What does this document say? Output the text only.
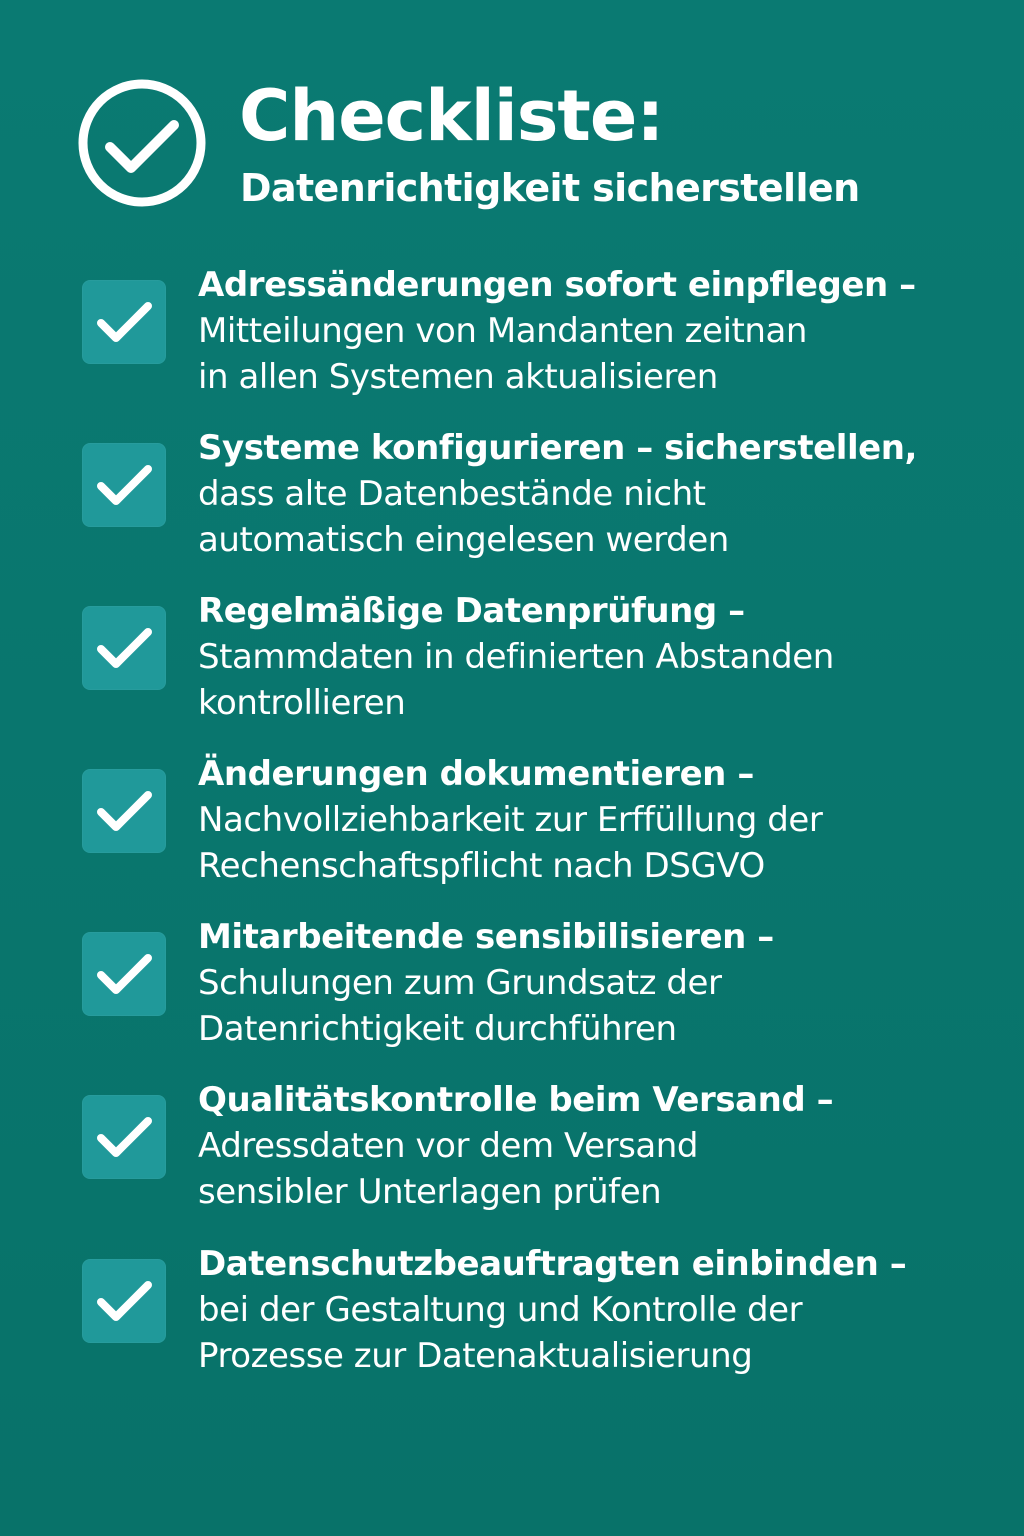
Checkliste:
Datenrichtigkeit sicherstellen
Adressänderungen sofort einpflegen –
Mitteilungen von Mandanten zeitnan
in allen Systemen aktualisieren
Systeme konfigurieren – sicherstellen,
dass alte Datenbestände nicht
automatisch eingelesen werden
Regelmäßige Datenprüfung –
Stammdaten in definierten Abstanden
kontrollieren
Änderungen dokumentieren –
Nachvollziehbarkeit zur Erffüllung der
Rechenschaftspflicht nach DSGVO
Mitarbeitende sensibilisieren –
Schulungen zum Grundsatz der
Datenrichtigkeit durchführen
Qualitätskontrolle beim Versand –
Adressdaten vor dem Versand
sensibler Unterlagen prüfen
Datenschutzbeauftragten einbinden –
bei der Gestaltung und Kontrolle der
Prozesse zur Datenaktualisierung
